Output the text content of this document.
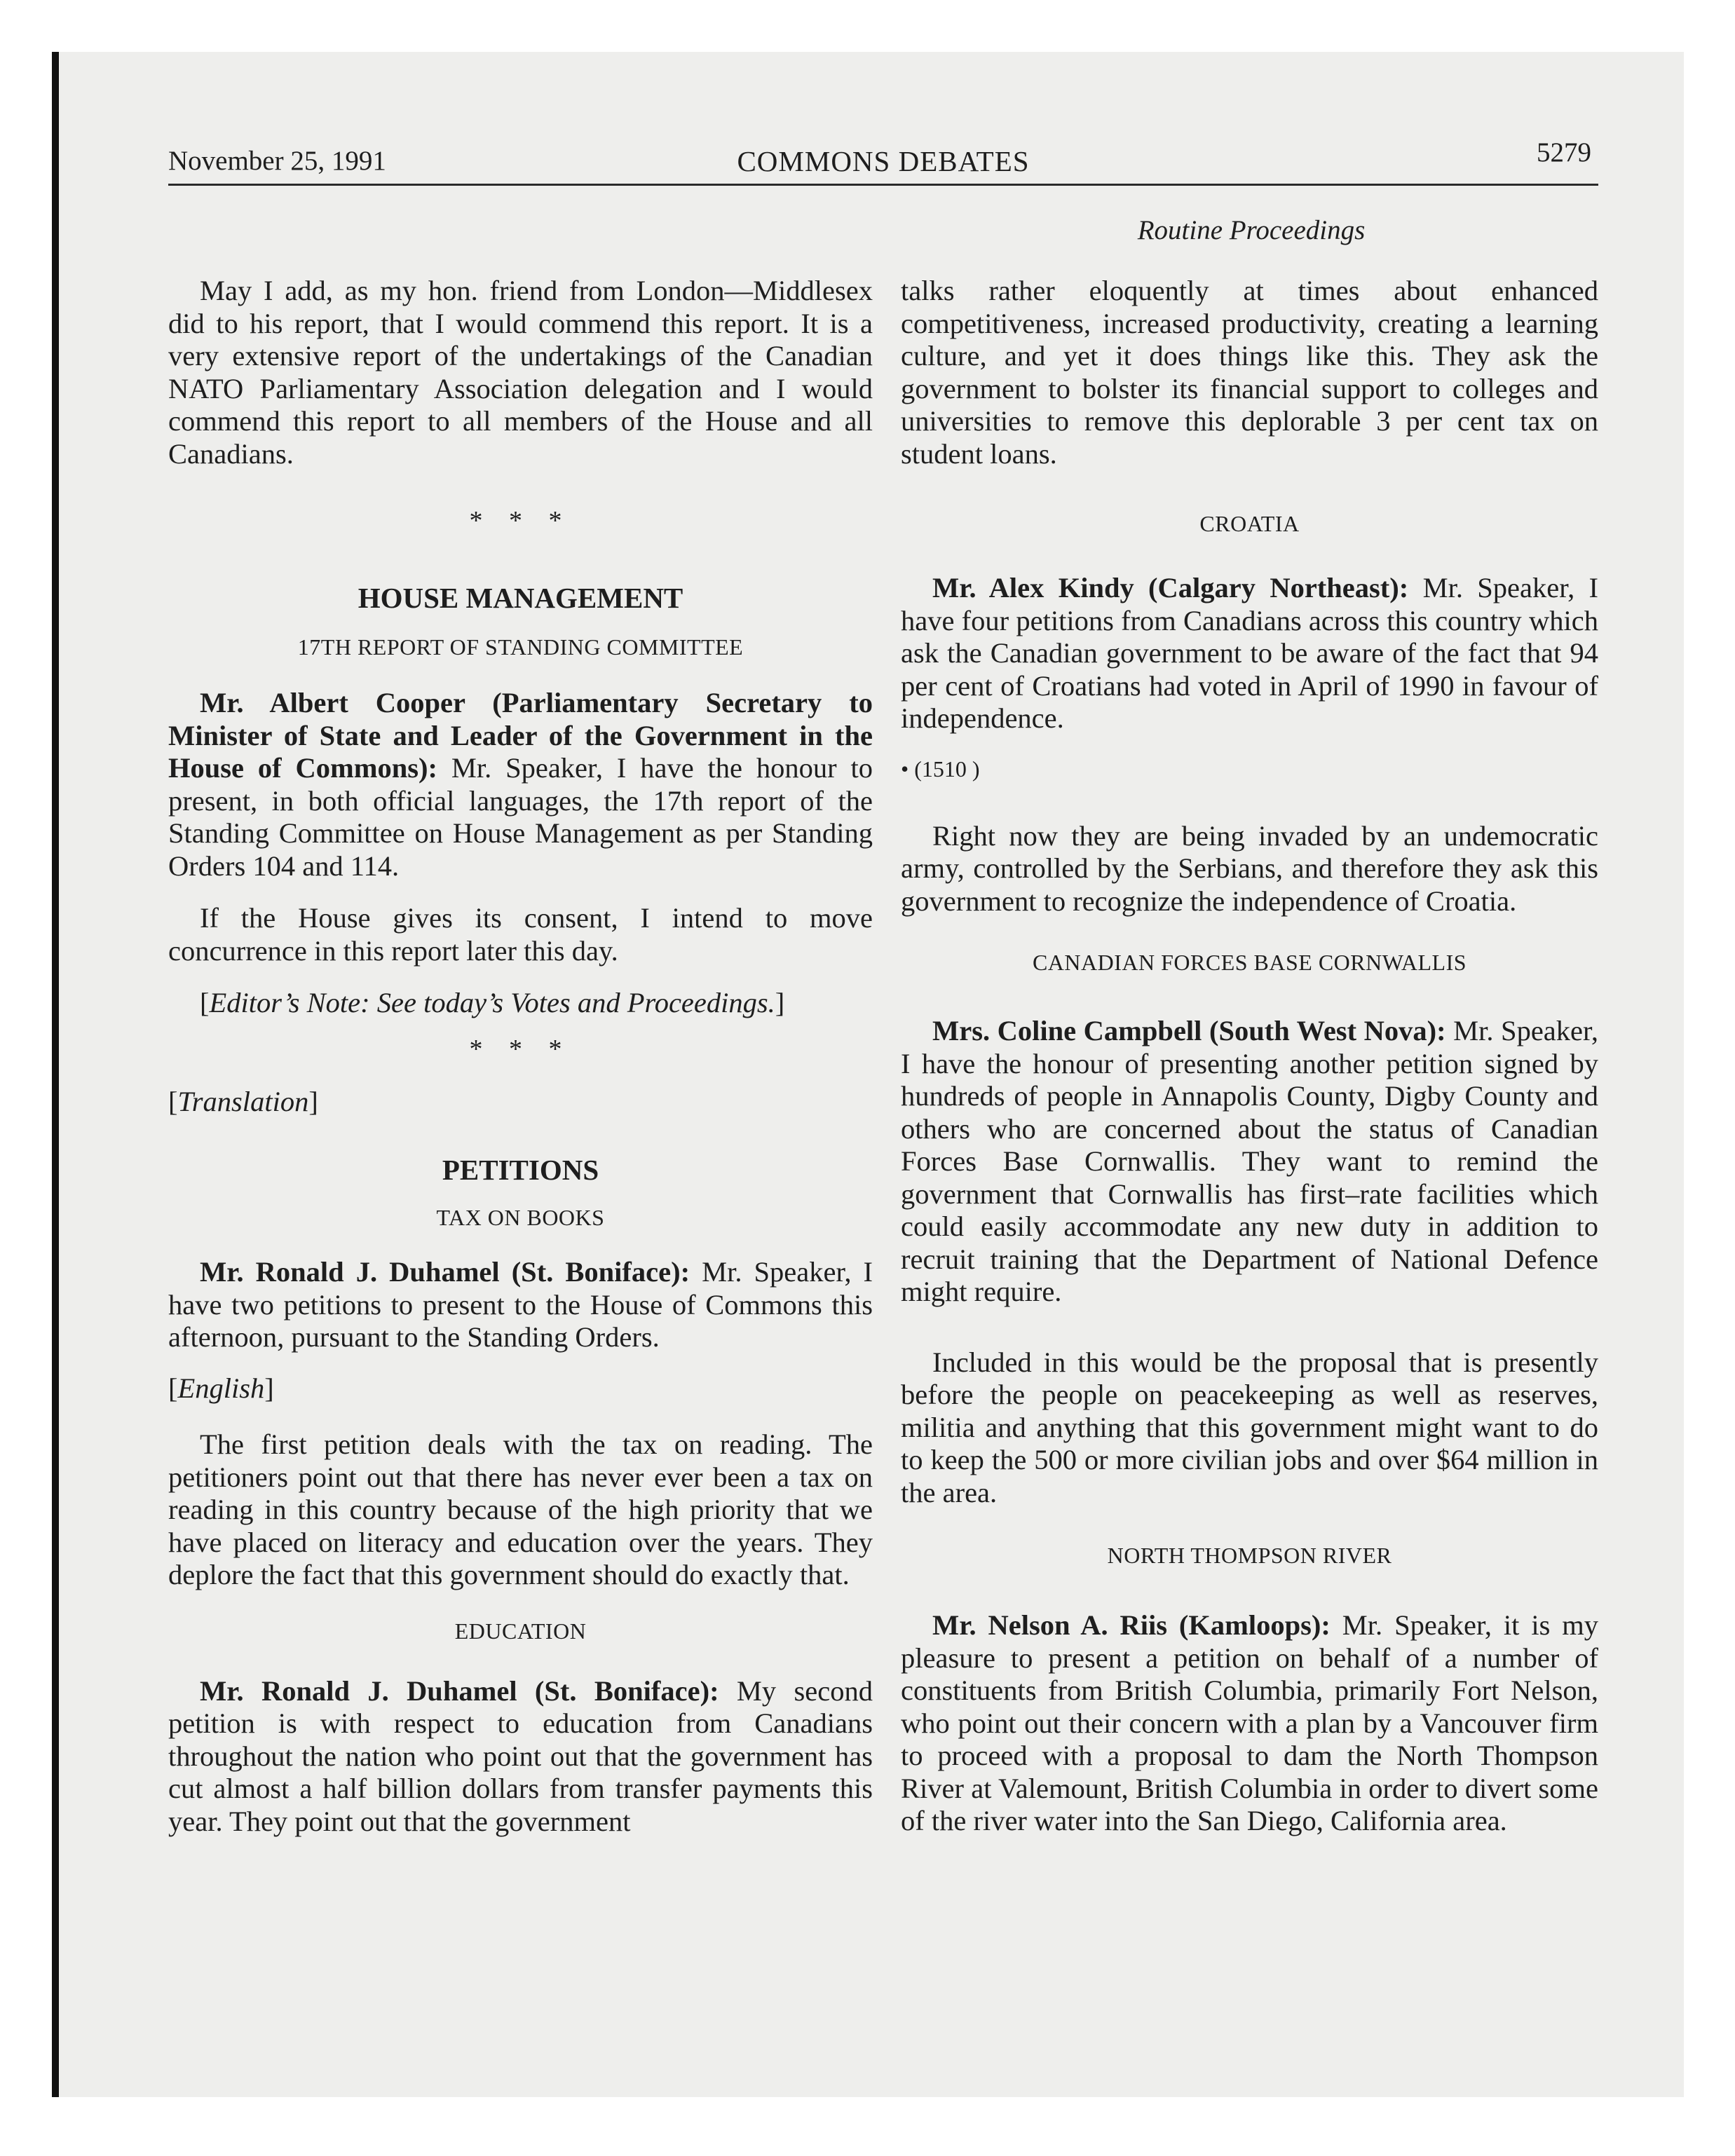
November 25, 1991	COMMONS DEBATES	5279
Routine Proceedings

May I add, as my hon. friend from London—Middlesex did to his report, that I would commend this report. It is a very extensive report of the undertakings of the Canadian NATO Parliamentary Association delegation and I would commend this report to all members of the House and all Canadians.

* * *
HOUSE MANAGEMENT
17TH REPORT OF STANDING COMMITTEE

Mr. Albert Cooper (Parliamentary Secretary to Minister of State and Leader of the Government in the House of Commons): Mr. Speaker, I have the honour to present, in both official languages, the 17th report of the Standing Committee on House Management as per Standing Orders 104 and 114.

If the House gives its consent, I intend to move concurrence in this report later this day.

[Editor’s Note: See today’s Votes and Proceedings.]

* * *

[Translation]

PETITIONS
TAX ON BOOKS

Mr. Ronald J. Duhamel (St. Boniface): Mr. Speaker, I have two petitions to present to the House of Commons this afternoon, pursuant to the Standing Orders.

[English]

The first petition deals with the tax on reading. The petitioners point out that there has never ever been a tax on reading in this country because of the high priority that we have placed on literacy and education over the years. They deplore the fact that this government should do exactly that.

EDUCATION

Mr. Ronald J. Duhamel (St. Boniface): My second petition is with respect to education from Canadians throughout the nation who point out that the government has cut almost a half billion dollars from transfer payments this year. They point out that the government

talks rather eloquently at times about enhanced competitiveness, increased productivity, creating a learning culture, and yet it does things like this. They ask the government to bolster its financial support to colleges and universities to remove this deplorable 3 per cent tax on student loans.

CROATIA

Mr. Alex Kindy (Calgary Northeast): Mr. Speaker, I have four petitions from Canadians across this country which ask the Canadian government to be aware of the fact that 94 per cent of Croatians had voted in April of 1990 in favour of independence.

• (1510 )

Right now they are being invaded by an undemocratic army, controlled by the Serbians, and therefore they ask this government to recognize the independence of Croatia.

CANADIAN FORCES BASE CORNWALLIS

Mrs. Coline Campbell (South West Nova): Mr. Speaker, I have the honour of presenting another petition signed by hundreds of people in Annapolis County, Digby County and others who are concerned about the status of Canadian Forces Base Cornwallis. They want to remind the government that Cornwallis has first–rate facilities which could easily accommodate any new duty in addition to recruit training that the Department of National Defence might require.

Included in this would be the proposal that is presently before the people on peacekeeping as well as reserves, militia and anything that this government might want to do to keep the 500 or more civilian jobs and over $64 million in the area.

NORTH THOMPSON RIVER

Mr. Nelson A. Riis (Kamloops): Mr. Speaker, it is my pleasure to present a petition on behalf of a number of constituents from British Columbia, primarily Fort Nelson, who point out their concern with a plan by a Vancouver firm to proceed with a proposal to dam the North Thompson River at Valemount, British Columbia in order to divert some of the river water into the San Diego, California area.
